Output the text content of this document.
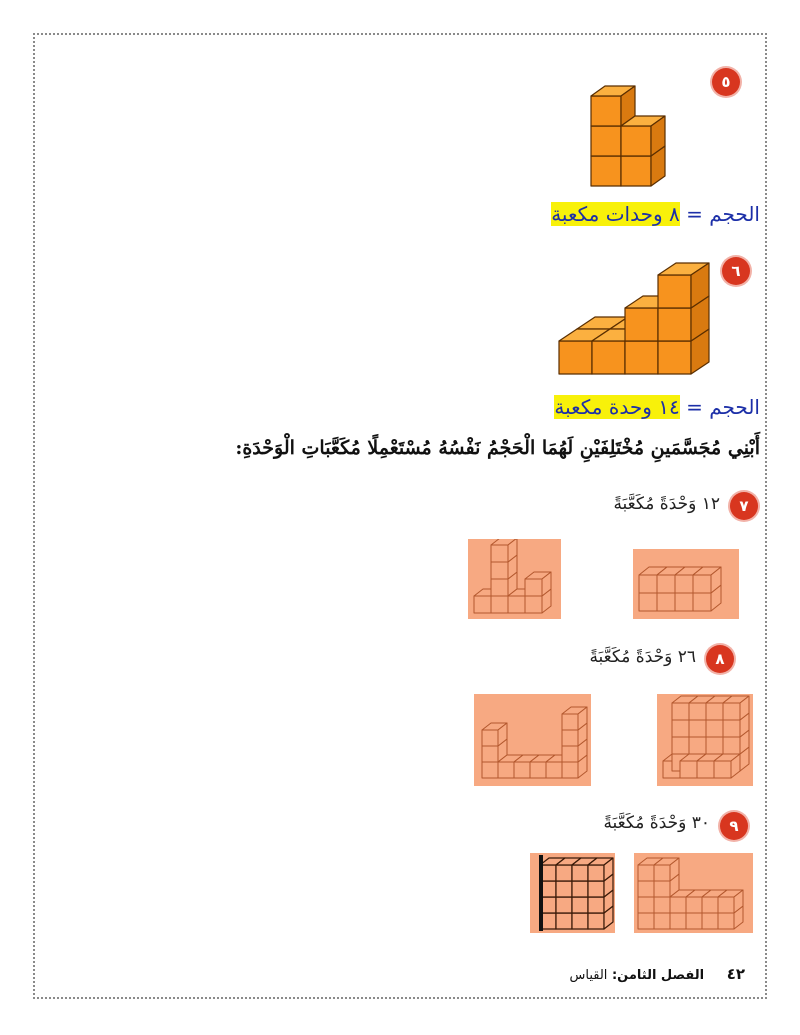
٥
الحجم = ٨ وحدات مكعبة
٦
الحجم = ١٤ وحدة مكعبة
أَبْنِي مُجَسَّمَينِ مُخْتَلِفَيْنِ لَهُمَا الْحَجْمُ نَفْسُهُ مُسْتَعْمِلًا مُكَعَّبَاتِ الْوَحْدَةِ:
٧
١٢ وَحْدَةً مُكَعَّبَةً
٨
٢٦ وَحْدَةً مُكَعَّبَةً
٩
٣٠ وَحْدَةً مُكَعَّبَةً
٤٢     الفصل الثامن: القياس
